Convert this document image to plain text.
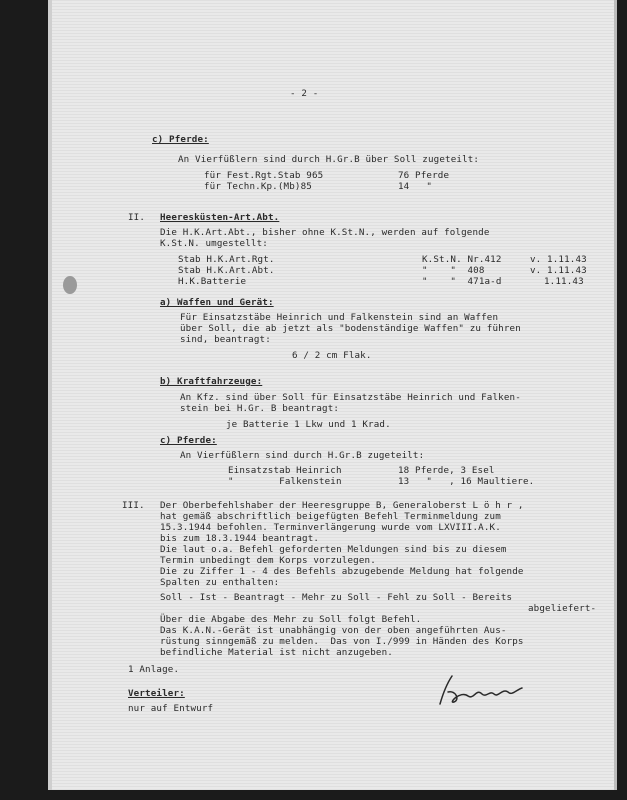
- 2 -
c) Pferde:
An Vierfüßlern sind durch H.Gr.B über Soll zugeteilt:
für Fest.Rgt.Stab 965	76 Pferde
für Techn.Kp.(Mb)85	14   "
II. Heeresküsten-Art.Abt.
Die H.K.Art.Abt., bisher ohne K.St.N., werden auf folgende
K.St.N. umgestellt:
Stab H.K.Art.Rgt.	K.St.N. Nr.412	v. 1.11.43
Stab H.K.Art.Abt.	"    "  408	v. 1.11.43
H.K.Batterie	"    "  471a-d	1.11.43
a) Waffen und Gerät:
Für Einsatzstäbe Heinrich und Falkenstein sind an Waffen
über Soll, die ab jetzt als "bodenständige Waffen" zu führen
sind, beantragt:
6 / 2 cm Flak.
b) Kraftfahrzeuge:
An Kfz. sind über Soll für Einsatzstäbe Heinrich und Falken-
stein bei H.Gr. B beantragt:
je Batterie 1 Lkw und 1 Krad.
c) Pferde:
An Vierfüßlern sind durch H.Gr.B zugeteilt:
Einsatzstab Heinrich	18 Pferde, 3 Esel
"        Falkenstein	13   "   , 16 Maultiere.
III. Der Oberbefehlshaber der Heeresgruppe B, Generaloberst L ö h r ,
hat gemäß abschriftlich beigefügten Befehl Terminmeldung zum
15.3.1944 befohlen. Terminverlängerung wurde vom LXVIII.A.K.
bis zum 18.3.1944 beantragt.
Die laut o.a. Befehl geforderten Meldungen sind bis zu diesem
Termin unbedingt dem Korps vorzulegen.
Die zu Ziffer 1 - 4 des Befehls abzugebende Meldung hat folgende
Spalten zu enthalten:
Soll - Ist - Beantragt - Mehr zu Soll - Fehl zu Soll - Bereits
abgeliefert-
Über die Abgabe des Mehr zu Soll folgt Befehl.
Das K.A.N.-Gerät ist unabhängig von der oben angeführten Aus-
rüstung sinngemäß zu melden.  Das von I./999 in Händen des Korps
befindliche Material ist nicht anzugeben.
1 Anlage.
Verteiler:
nur auf Entwurf
